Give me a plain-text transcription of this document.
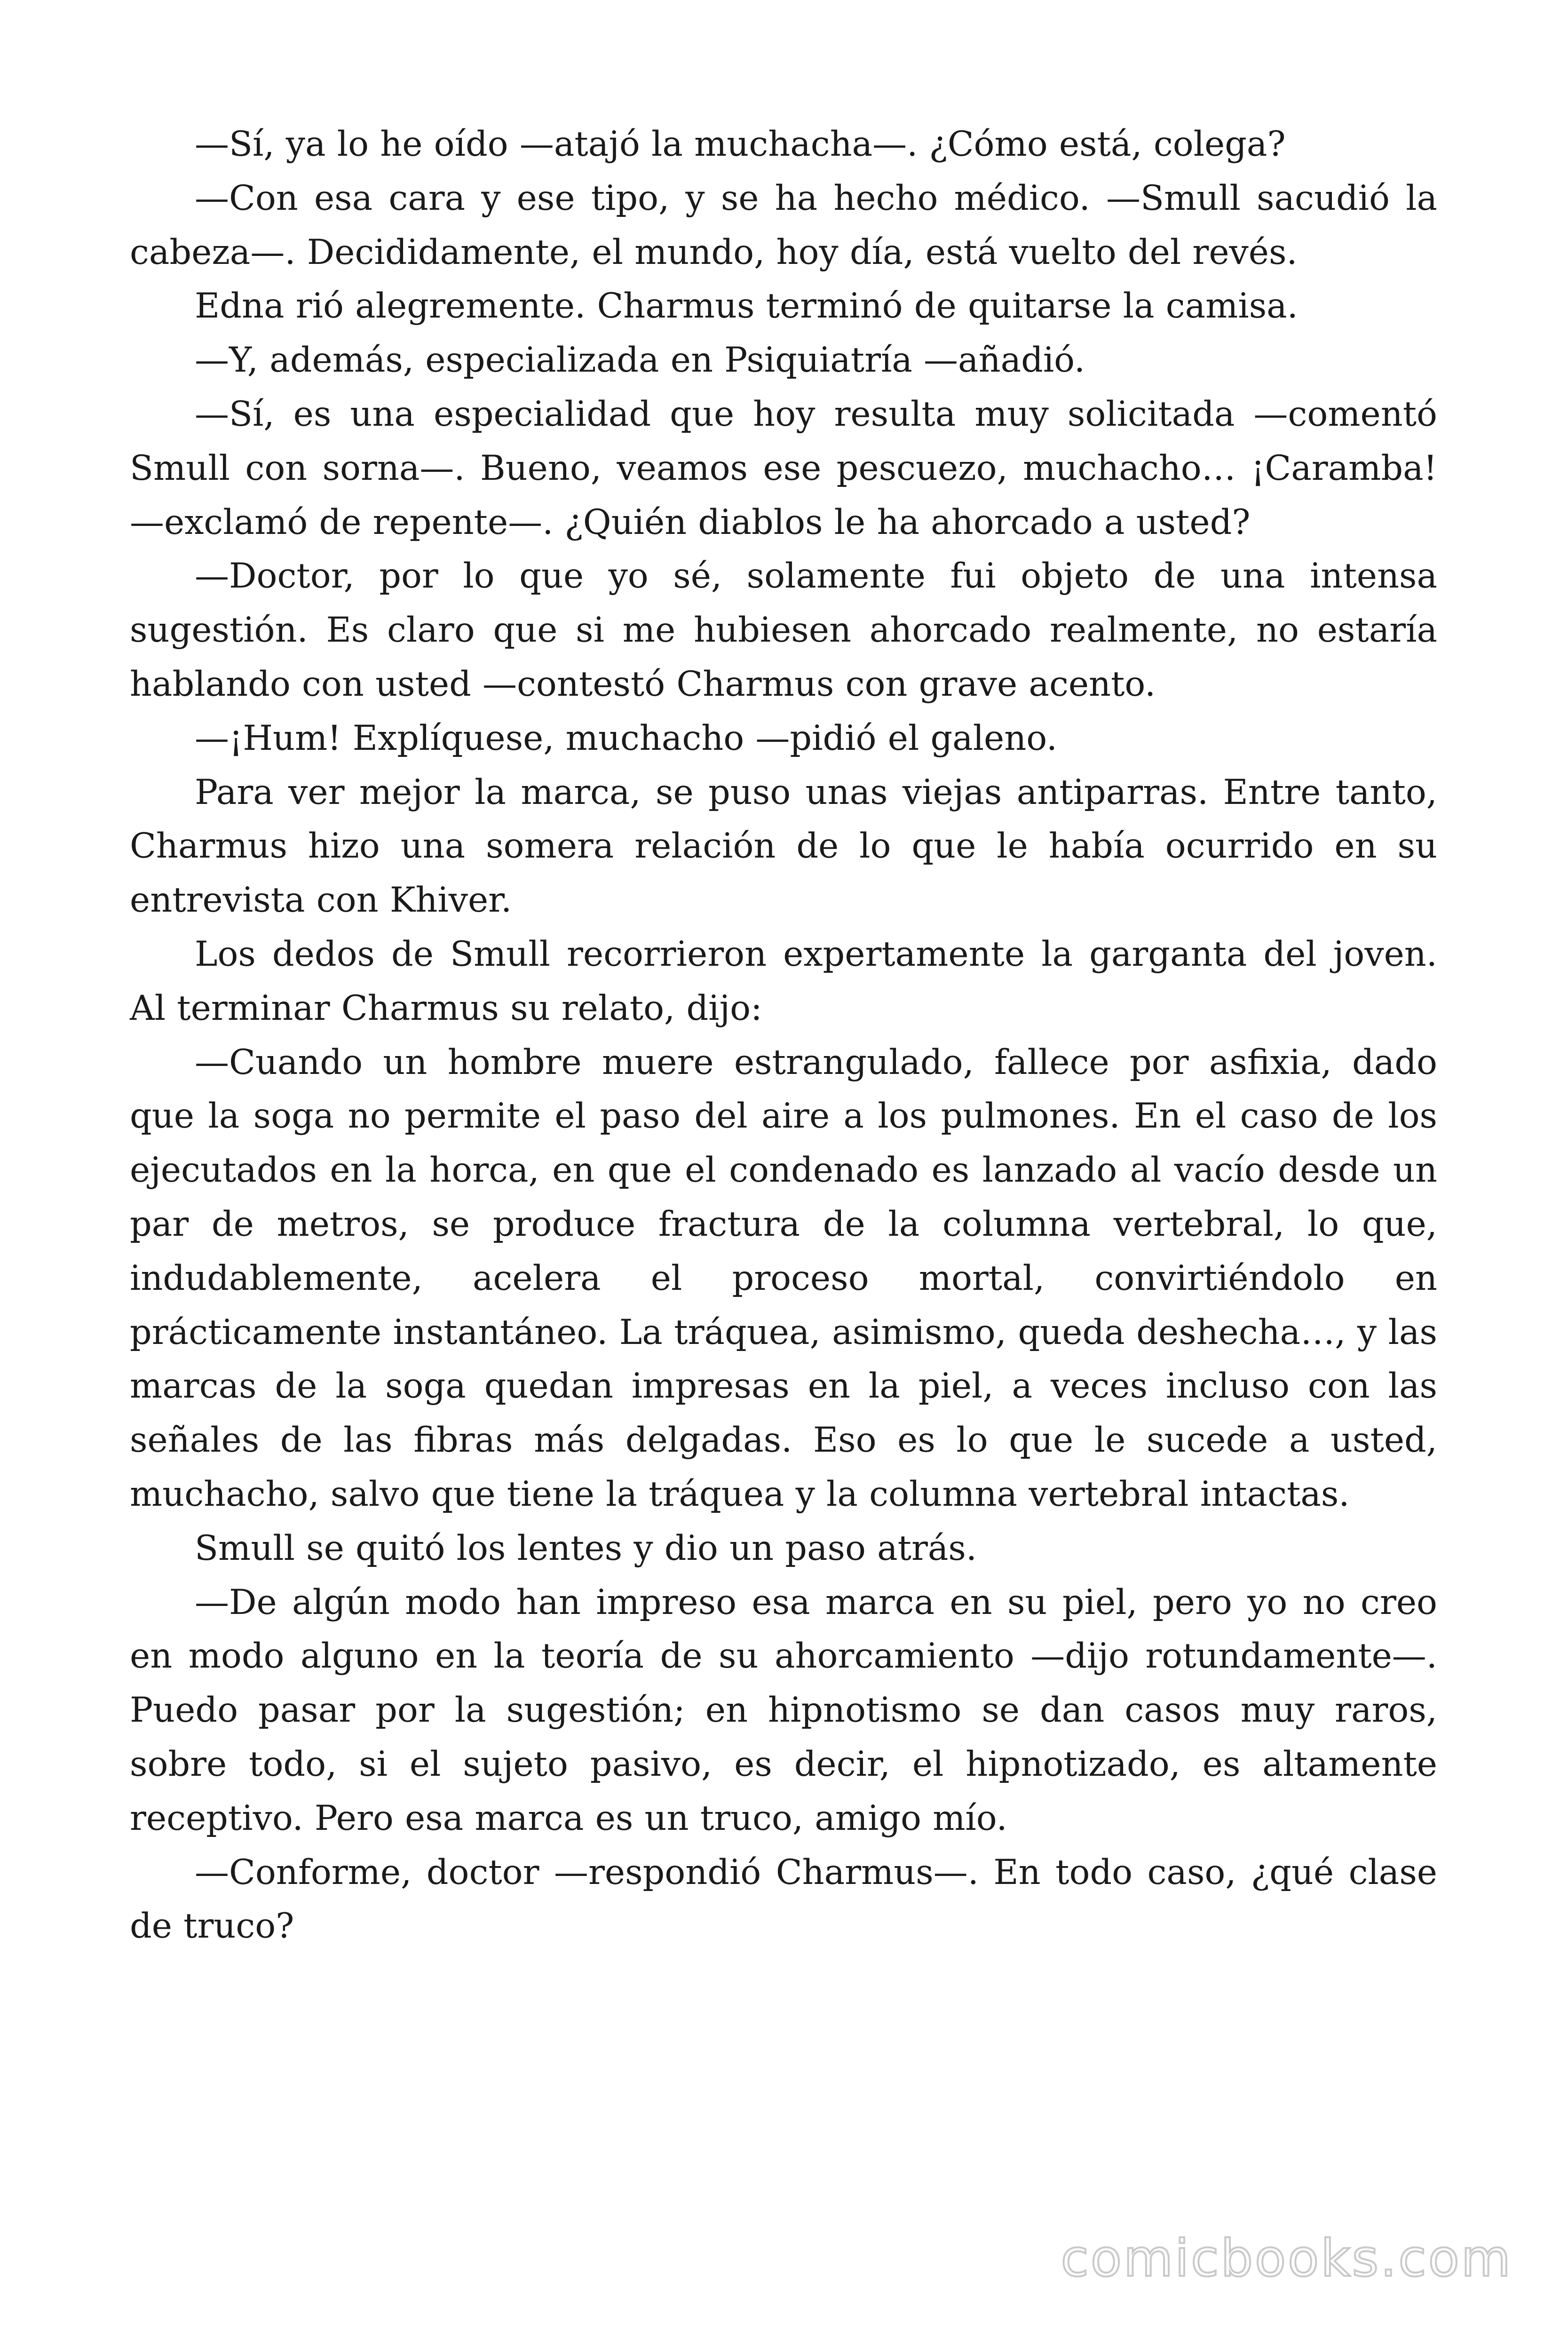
—Sí, ya lo he oído —atajó la muchacha—. ¿Cómo está, colega?

—Con esa cara y ese tipo, y se ha hecho médico. —Smull sacudió la cabeza—. Decididamente, el mundo, hoy día, está vuelto del revés.

Edna rió alegremente. Charmus terminó de quitarse la camisa.

—Y, además, especializada en Psiquiatría —añadió.

—Sí, es una especialidad que hoy resulta muy solicitada —comentó Smull con sorna—. Bueno, veamos ese pescuezo, muchacho… ¡Caramba! —exclamó de repente—. ¿Quién diablos le ha ahorcado a usted?

—Doctor, por lo que yo sé, solamente fui objeto de una intensa sugestión. Es claro que si me hubiesen ahorcado realmente, no estaría hablando con usted —contestó Charmus con grave acento.

—¡Hum! Explíquese, muchacho —pidió el galeno.

Para ver mejor la marca, se puso unas viejas antiparras. Entre tanto, Charmus hizo una somera relación de lo que le había ocurrido en su entrevista con Khiver.

Los dedos de Smull recorrieron expertamente la garganta del joven. Al terminar Charmus su relato, dijo:

—Cuando un hombre muere estrangulado, fallece por asfixia, dado que la soga no permite el paso del aire a los pulmones. En el caso de los ejecutados en la horca, en que el condenado es lanzado al vacío desde un par de metros, se produce fractura de la columna vertebral, lo que, indudablemente, acelera el proceso mortal, convirtiéndolo en prácticamente instantáneo. La tráquea, asimismo, queda deshecha…, y las marcas de la soga quedan impresas en la piel, a veces incluso con las señales de las fibras más delgadas. Eso es lo que le sucede a usted, muchacho, salvo que tiene la tráquea y la columna vertebral intactas.

Smull se quitó los lentes y dio un paso atrás.

—De algún modo han impreso esa marca en su piel, pero yo no creo en modo alguno en la teoría de su ahorcamiento —dijo rotundamente—. Puedo pasar por la sugestión; en hipnotismo se dan casos muy raros, sobre todo, si el sujeto pasivo, es decir, el hipnotizado, es altamente receptivo. Pero esa marca es un truco, amigo mío.

—Conforme, doctor —respondió Charmus—. En todo caso, ¿qué clase de truco?

comicbooks.com
